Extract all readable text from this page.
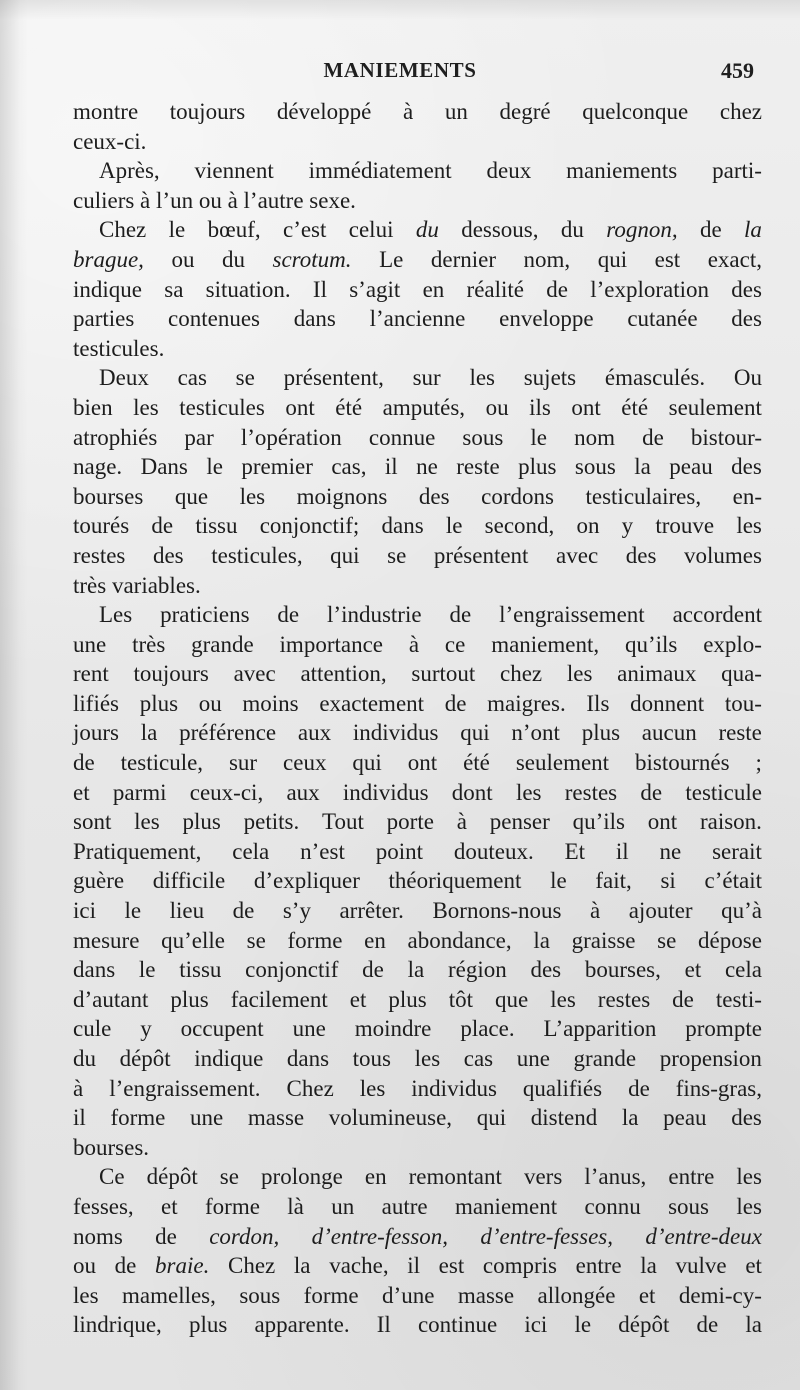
MANIEMENTS	459
montre toujours développé à un degré quelconque chez
ceux-ci.
Après, viennent immédiatement deux maniements parti-
culiers à l’un ou à l’autre sexe.
Chez le bœuf, c’est celui du dessous, du rognon, de la
brague, ou du scrotum. Le dernier nom, qui est exact,
indique sa situation. Il s’agit en réalité de l’exploration des
parties contenues dans l’ancienne enveloppe cutanée des
testicules.
Deux cas se présentent, sur les sujets émasculés. Ou
bien les testicules ont été amputés, ou ils ont été seulement
atrophiés par l’opération connue sous le nom de bistour-
nage. Dans le premier cas, il ne reste plus sous la peau des
bourses que les moignons des cordons testiculaires, en-
tourés de tissu conjonctif; dans le second, on y trouve les
restes des testicules, qui se présentent avec des volumes
très variables.
Les praticiens de l’industrie de l’engraissement accordent
une très grande importance à ce maniement, qu’ils explo-
rent toujours avec attention, surtout chez les animaux qua-
lifiés plus ou moins exactement de maigres. Ils donnent tou-
jours la préférence aux individus qui n’ont plus aucun reste
de testicule, sur ceux qui ont été seulement bistournés ;
et parmi ceux-ci, aux individus dont les restes de testicule
sont les plus petits. Tout porte à penser qu’ils ont raison.
Pratiquement, cela n’est point douteux. Et il ne serait
guère difficile d’expliquer théoriquement le fait, si c’était
ici le lieu de s’y arrêter. Bornons-nous à ajouter qu’à
mesure qu’elle se forme en abondance, la graisse se dépose
dans le tissu conjonctif de la région des bourses, et cela
d’autant plus facilement et plus tôt que les restes de testi-
cule y occupent une moindre place. L’apparition prompte
du dépôt indique dans tous les cas une grande propension
à l’engraissement. Chez les individus qualifiés de fins-gras,
il forme une masse volumineuse, qui distend la peau des
bourses.
Ce dépôt se prolonge en remontant vers l’anus, entre les
fesses, et forme là un autre maniement connu sous les
noms de cordon, d’entre-fesson, d’entre-fesses, d’entre-deux
ou de braie. Chez la vache, il est compris entre la vulve et
les mamelles, sous forme d’une masse allongée et demi-cy-
lindrique, plus apparente. Il continue ici le dépôt de la
